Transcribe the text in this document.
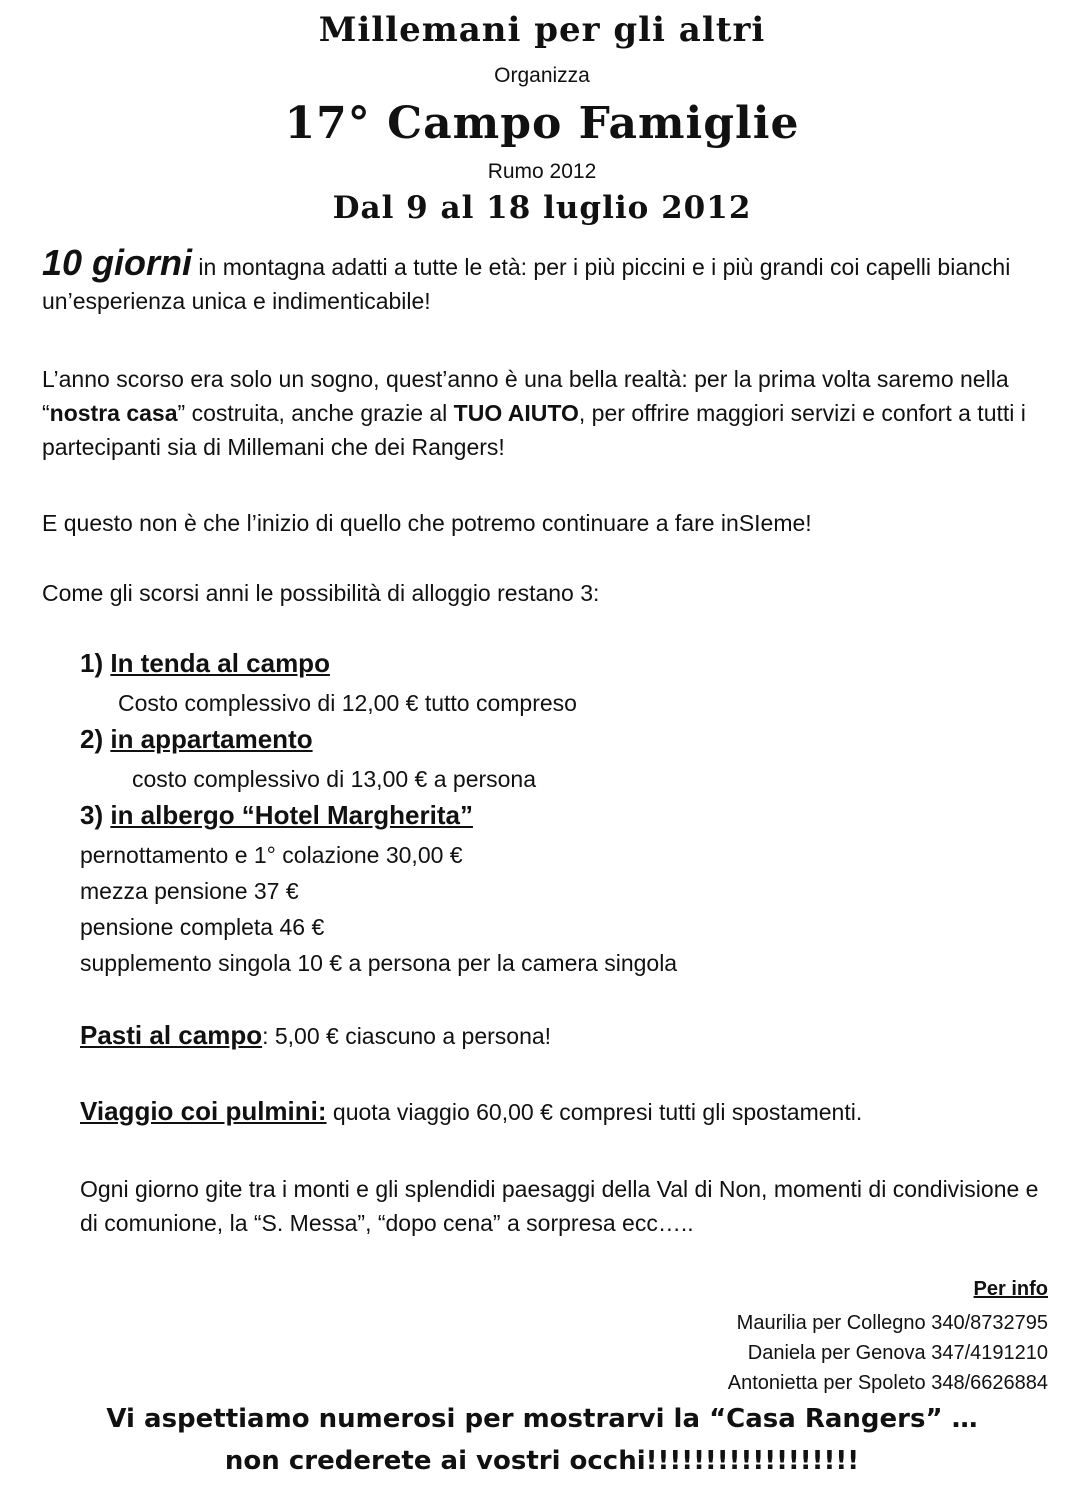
Millemani per gli altri
Organizza
17° Campo Famiglie
Rumo 2012
Dal 9 al 18 luglio 2012
10 giorni in montagna adatti a tutte le età: per i più piccini e i più grandi coi capelli bianchi un’esperienza unica e indimenticabile!
L’anno scorso era solo un sogno, quest’anno è una bella realtà: per la prima volta saremo nella “nostra casa” costruita, anche grazie al TUO AIUTO, per offrire maggiori servizi e confort a tutti i partecipanti sia di Millemani che dei Rangers!
E questo non è che l’inizio di quello che potremo continuare a fare inSIeme!
Come gli scorsi anni le possibilità di alloggio restano 3:
1) In tenda al campo
Costo complessivo di 12,00 € tutto compreso
2) in appartamento
costo complessivo di 13,00 € a persona
3) in albergo “Hotel Margherita”
pernottamento e 1° colazione 30,00 €
mezza pensione 37 €
pensione completa 46 €
supplemento singola 10 € a persona per la camera singola
Pasti al campo: 5,00 € ciascuno a persona!
Viaggio coi pulmini: quota viaggio 60,00 € compresi tutti gli spostamenti.
Ogni giorno gite tra i monti e gli splendidi paesaggi della Val di Non, momenti di condivisione e di comunione, la “S. Messa”, “dopo cena” a sorpresa ecc…..
Per info
Maurilia per Collegno 340/8732795
Daniela per Genova 347/4191210
Antonietta per Spoleto 348/6626884
Vi aspettiamo numerosi per mostrarvi la “Casa Rangers” …
non crederete ai vostri occhi!!!!!!!!!!!!!!!!!!
